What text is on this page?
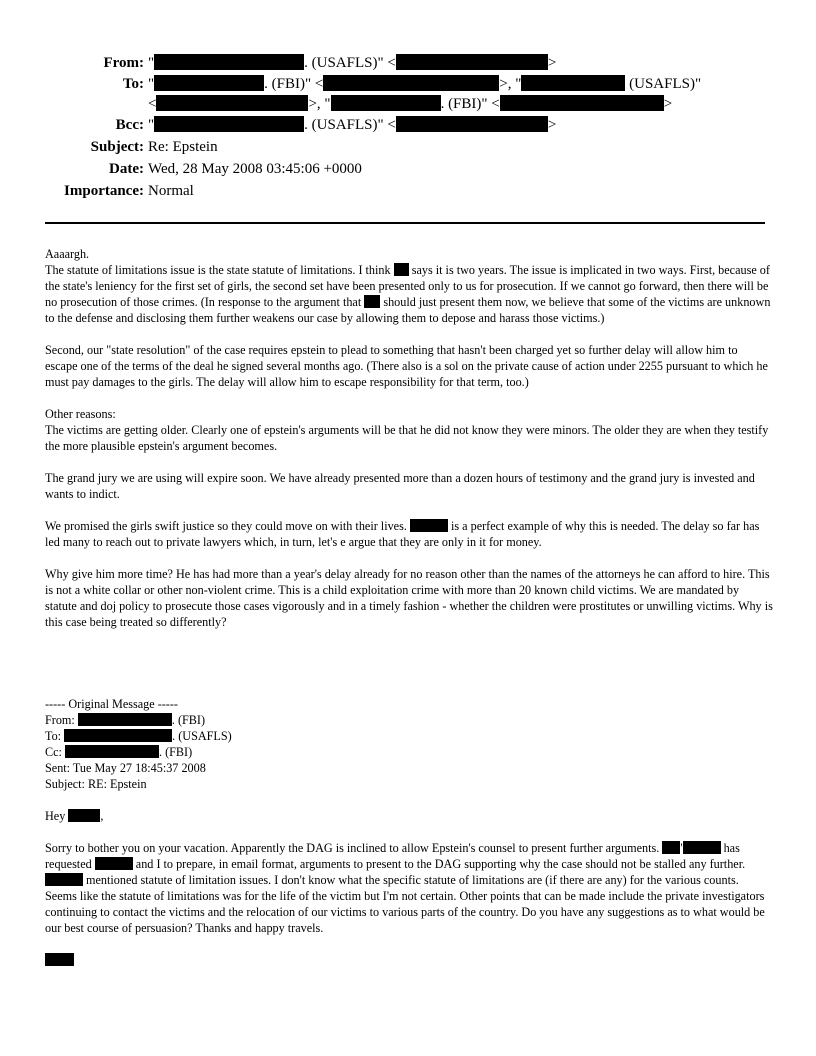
From: "	. (USAFLS)" <	>
To: "	. (FBI)" <	>, "	(USAFLS)"
<	>, "	. (FBI)" <	>
Bcc: "	. (USAFLS)" <	>
Subject: Re: Epstein
Date: Wed, 28 May 2008 03:45:06 +0000
Importance: Normal

Aaaargh.

The statute of limitations issue is the state statute of limitations. I think  says it is two years. The issue is implicated in two ways. First, because of the state's leniency for the first set of girls, the second set have been presented only to us for prosecution. If we cannot go forward, then there will be no prosecution of those crimes. (In response to the argument that  should just present them now, we believe that some of the victims are unknown to the defense and disclosing them further weakens our case by allowing them to depose and harass those victims.)

Second, our "state resolution" of the case requires epstein to plead to something that hasn't been charged yet so further delay will allow him to escape one of the terms of the deal he signed several months ago. (There also is a sol on the private cause of action under 2255 pursuant to which he must pay damages to the girls. The delay will allow him to escape responsibility for that term, too.)

Other reasons:

The victims are getting older. Clearly one of epstein's arguments will be that he did not know they were minors. The older they are when they testify the more plausible epstein's argument becomes.

The grand jury we are using will expire soon. We have already presented more than a dozen hours of testimony and the grand jury is invested and wants to indict.

We promised the girls swift justice so they could move on with their lives.	is a perfect example of why this is needed. The delay so far has led many to reach out to private lawyers which, in turn, let's e argue that they are only in it for money.

Why give him more time? He has had more than a year's delay already for no reason other than the names of the attorneys he can afford to hire. This is not a white collar or other non-violent crime. This is a child exploitation crime with more than 20 known child victims. We are mandated by statute and doj policy to prosecute those cases vigorously and in a timely fashion - whether the children were prostitutes or unwilling victims. Why is this case being treated so differently?

----- Original Message -----

From:	. (FBI)

To:	. (USAFLS)

Cc:	. (FBI)

Sent: Tue May 27 18:45:37 2008

Subject: RE: Epstein

Hey	,

Sorry to bother you on your vacation. Apparently the DAG is inclined to allow Epstein's counsel to present further arguments. '	has requested	and I to prepare, in email format, arguments to present to the DAG supporting why the case should not be stalled any further.  mentioned statute of limitation issues. I don't know what the specific statute of limitations are (if there are any) for the various counts. Seems like the statute of limitations was for the life of the victim but I'm not certain. Other points that can be made include the private investigators continuing to contact the victims and the relocation of our victims to various parts of the country. Do you have any suggestions as to what would be our best course of persuasion? Thanks and happy travels.
